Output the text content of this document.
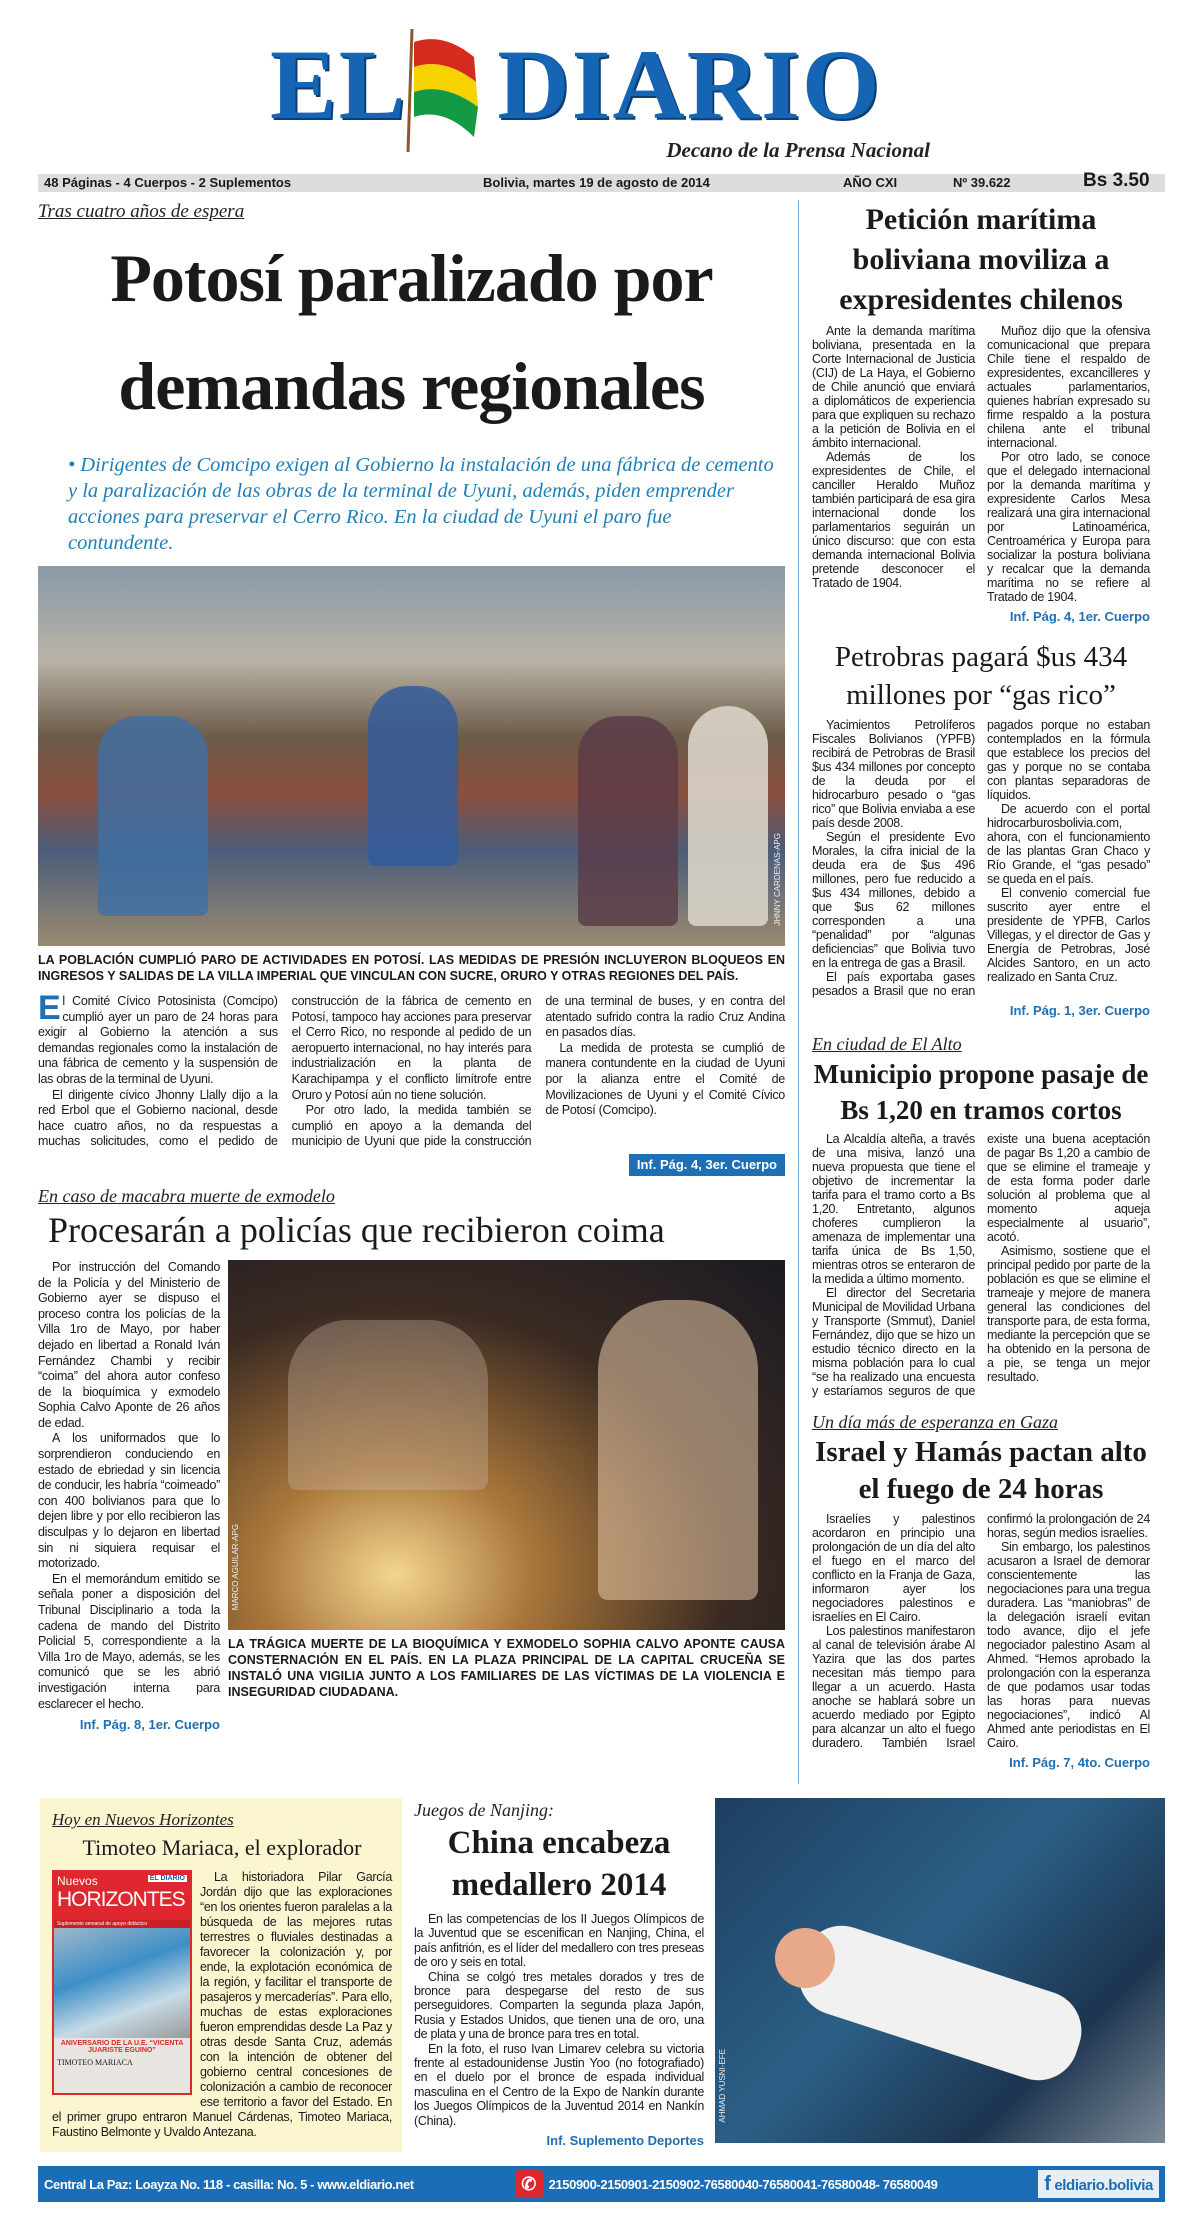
EL DIARIO
Decano de la Prensa Nacional
48 Páginas - 4 Cuerpos - 2 Suplementos	Bolivia, martes 19 de agosto de 2014	AÑO CXI	Nº 39.622	Bs 3.50
Tras cuatro años de espera
Potosí paralizado por
demandas regionales
• Dirigentes de Comcipo exigen al Gobierno la instalación de una fábrica de cemento y la paralización de las obras de la terminal de Uyuni, además, piden emprender acciones para preservar el Cerro Rico. En la ciudad de Uyuni el paro fue contundente.
JHNNY CARDENAS-APG
LA POBLACIÓN CUMPLIÓ PARO DE ACTIVIDADES EN POTOSÍ. LAS MEDIDAS DE PRESIÓN INCLUYERON BLOQUEOS EN INGRESOS Y SALIDAS DE LA VILLA IMPERIAL QUE VINCULAN CON SUCRE, ORURO Y OTRAS REGIONES DEL PAÍS.

El Comité Cívico Potosinista (Comcipo) cumplió ayer un paro de 24 horas para exigir al Gobierno la atención a sus demandas regionales como la instalación de una fábrica de cemento y la suspensión de las obras de la terminal de Uyuni.

El dirigente cívico Jhonny Llally dijo a la red Erbol que el Gobierno nacional, desde hace cuatro años, no da respuestas a muchas solicitudes, como el pedido de construcción de la fábrica de cemento en Potosí, tampoco hay acciones para preservar el Cerro Rico, no responde al pedido de un aeropuerto internacional, no hay interés para industrialización en la planta de Karachipampa y el conflicto limítrofe entre Oruro y Potosí aún no tiene solución.

Por otro lado, la medida también se cumplió en apoyo a la demanda del municipio de Uyuni que pide la construcción de una terminal de buses, y en contra del atentado sufrido contra la radio Cruz Andina en pasados días.

La medida de protesta se cumplió de manera contundente en la ciudad de Uyuni por la alianza entre el Comité de Movilizaciones de Uyuni y el Comité Cívico de Potosí (Comcipo).

Inf. Pág. 4, 3er. Cuerpo
En caso de macabra muerte de exmodelo
Procesarán a policías que recibieron coima

Por instrucción del Comando de la Policía y del Ministerio de Gobierno ayer se dispuso el proceso contra los policías de la Villa 1ro de Mayo, por haber dejado en libertad a Ronald Iván Fernández Chambi y recibir “coima” del ahora autor confeso de la bioquímica y exmodelo Sophia Calvo Aponte de 26 años de edad.

A los uniformados que lo sorprendieron conduciendo en estado de ebriedad y sin licencia de conducir, les habría “coimeado” con 400 bolivianos para que lo dejen libre y por ello recibieron las disculpas y lo dejaron en libertad sin ni siquiera requisar el motorizado.

En el memorándum emitido se señala poner a disposición del Tribunal Disciplinario a toda la cadena de mando del Distrito Policial 5, correspondiente a la Villa 1ro de Mayo, además, se les comunicó que se les abrió investigación interna para esclarecer el hecho.

Inf. Pág. 8, 1er. Cuerpo
MARCO AGUILAR-APG
LA TRÁGICA MUERTE DE LA BIOQUÍMICA Y EXMODELO SOPHIA CALVO APONTE CAUSA CONSTERNACIÓN EN EL PAÍS. EN LA PLAZA PRINCIPAL DE LA CAPITAL CRUCEÑA SE INSTALÓ UNA VIGILIA JUNTO A LOS FAMILIARES DE LAS VÍCTIMAS DE LA VIOLENCIA E INSEGURIDAD CIUDADANA.
Petición marítima boliviana moviliza a expresidentes chilenos

Ante la demanda marítima boliviana, presentada en la Corte Internacional de Justicia (CIJ) de La Haya, el Gobierno de Chile anunció que enviará a diplomáticos de experiencia para que expliquen su rechazo a la petición de Bolivia en el ámbito internacional.

Además de los expresidentes de Chile, el canciller Heraldo Muñoz también participará de esa gira internacional donde los parlamentarios seguirán un único discurso: que con esta demanda internacional Bolivia pretende desconocer el Tratado de 1904.

Muñoz dijo que la ofensiva comunicacional que prepara Chile tiene el respaldo de expresidentes, excancilleres y actuales parlamentarios, quienes habrían expresado su firme respaldo a la postura chilena ante el tribunal internacional.

Por otro lado, se conoce que el delegado internacional por la demanda marítima y expresidente Carlos Mesa realizará una gira internacional por Latinoamérica, Centroamérica y Europa para socializar la postura boliviana y recalcar que la demanda marítima no se refiere al Tratado de 1904.

Inf. Pág. 4, 1er. Cuerpo
Petrobras pagará $us 434 millones por “gas rico”

Yacimientos Petrolíferos Fiscales Bolivianos (YPFB) recibirá de Petrobras de Brasil $us 434 millones por concepto de la deuda por el hidrocarburo pesado o “gas rico” que Bolivia enviaba a ese país desde 2008.

Según el presidente Evo Morales, la cifra inicial de la deuda era de $us 496 millones, pero fue reducido a $us 434 millones, debido a que $us 62 millones corresponden a una “penalidad” por “algunas deficiencias” que Bolivia tuvo en la entrega de gas a Brasil.

El país exportaba gases pesados a Brasil que no eran pagados porque no estaban contemplados en la fórmula que establece los precios del gas y porque no se contaba con plantas separadoras de líquidos.

De acuerdo con el portal hidrocarburosbolivia.com, ahora, con el funcionamiento de las plantas Gran Chaco y Río Grande, el “gas pesado” se queda en el país.

El convenio comercial fue suscrito ayer entre el presidente de YPFB, Carlos Villegas, y el director de Gas y Energía de Petrobras, José Alcides Santoro, en un acto realizado en Santa Cruz.

Inf. Pág. 1, 3er. Cuerpo
En ciudad de El Alto
Municipio propone pasaje de Bs 1,20 en tramos cortos

La Alcaldía alteña, a través de una misiva, lanzó una nueva propuesta que tiene el objetivo de incrementar la tarifa para el tramo corto a Bs 1,20. Entretanto, algunos choferes cumplieron la amenaza de implementar una tarifa única de Bs 1,50, mientras otros se enteraron de la medida a último momento.

El director del Secretaria Municipal de Movilidad Urbana y Transporte (Smmut), Daniel Fernández, dijo que se hizo un estudio técnico directo en la misma población para lo cual “se ha realizado una encuesta y estaríamos seguros de que existe una buena aceptación de pagar Bs 1,20 a cambio de que se elimine el trameaje y de esta forma poder darle solución al problema que al momento aqueja especialmente al usuario”, acotó.

Asimismo, sostiene que el principal pedido por parte de la población es que se elimine el trameaje y mejore de manera general las condiciones del transporte para, de esta forma, mediante la percepción que se ha obtenido en la persona de a pie, se tenga un mejor resultado.

Un día más de esperanza en Gaza
Israel y Hamás pactan alto el fuego de 24 horas

Israelíes y palestinos acordaron en principio una prolongación de un día del alto el fuego en el marco del conflicto en la Franja de Gaza, informaron ayer los negociadores palestinos e israelíes en El Cairo.

Los palestinos manifestaron al canal de televisión árabe Al Yazira que las dos partes necesitan más tiempo para llegar a un acuerdo. Hasta anoche se hablará sobre un acuerdo mediado por Egipto para alcanzar un alto el fuego duradero. También Israel confirmó la prolongación de 24 horas, según medios israelíes.

Sin embargo, los palestinos acusaron a Israel de demorar conscientemente las negociaciones para una tregua duradera. Las “maniobras” de la delegación israelí evitan todo avance, dijo el jefe negociador palestino Asam al Ahmed. “Hemos aprobado la prolongación con la esperanza de que podamos usar todas las horas para nuevas negociaciones”, indicó Al Ahmed ante periodistas en El Cairo.

Inf. Pág. 7, 4to. Cuerpo
Hoy en Nuevos Horizontes
Timoteo Mariaca, el explorador
Nuevos
HORIZONTES
EL DIARIO
Suplemento semanal de apoyo didáctico
ANIVERSARIO DE LA U.E. “VICENTA JUARISTE EGUINO”
TIMOTEO MARIACA

La historiadora Pilar García Jordán dijo que las exploraciones “en los orientes fueron paralelas a la búsqueda de las mejores rutas terrestres o fluviales destinadas a favorecer la colonización y, por ende, la explotación económica de la región, y facilitar el transporte de pasajeros y mercaderías”. Para ello, muchas de estas exploraciones fueron emprendidas desde La Paz y otras desde Santa Cruz, además con la intención de obtener del gobierno central concesiones de colonización a cambio de reconocer ese territorio a favor del Estado. En el primer grupo entraron Manuel Cárdenas, Timoteo Mariaca, Faustino Belmonte y Uvaldo Antezana.

Juegos de Nanjing:
China encabeza medallero 2014

En las competencias de los II Juegos Olímpicos de la Juventud que se escenifican en Nanjing, China, el país anfitrión, es el líder del medallero con tres preseas de oro y seis en total.

China se colgó tres metales dorados y tres de bronce para despegarse del resto de sus perseguidores. Comparten la segunda plaza Japón, Rusia y Estados Unidos, que tienen una de oro, una de plata y una de bronce para tres en total.

En la foto, el ruso Ivan Limarev celebra su victoria frente al estadounidense Justin Yoo (no fotografiado) en el duelo por el bronce de espada individual masculina en el Centro de la Expo de Nankín durante los Juegos Olímpicos de la Juventud 2014 en Nankín (China).

Inf. Suplemento Deportes
AHMAD YUSNI-EFE
Central La Paz: Loayza No. 118 - casilla: No. 5 - www.eldiario.net	✆ 2150900-2150901-2150902-76580040-76580041-76580048- 76580049	f eldiario.bolivia
